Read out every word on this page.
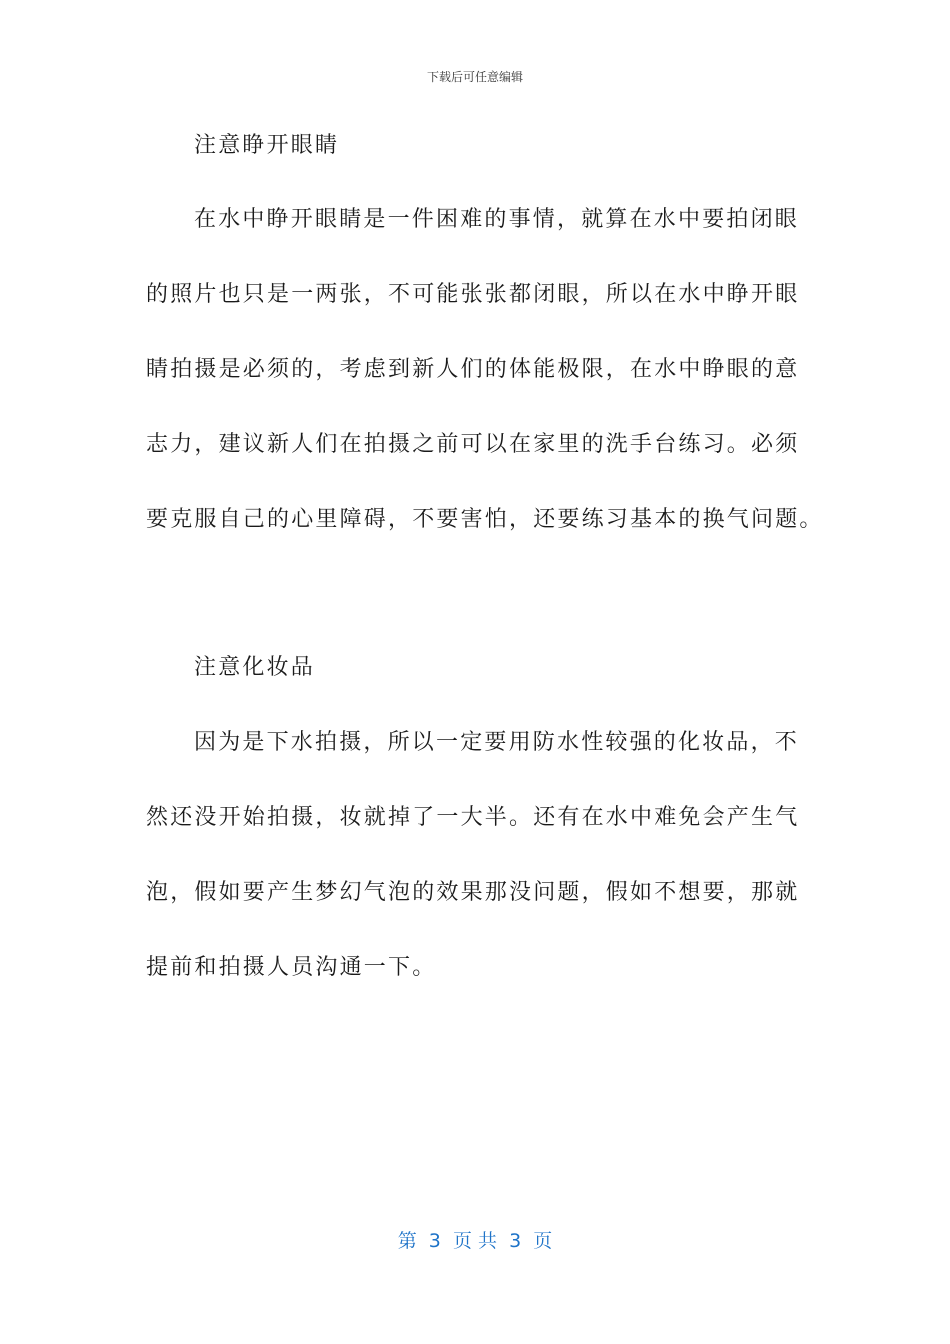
下载后可任意编辑
注意睁开眼睛
在水中睁开眼睛是一件困难的事情，就算在水中要拍闭眼
的照片也只是一两张，不可能张张都闭眼，所以在水中睁开眼
睛拍摄是必须的，考虑到新人们的体能极限，在水中睁眼的意
志力，建议新人们在拍摄之前可以在家里的洗手台练习。必须
要克服自己的心里障碍，不要害怕，还要练习基本的换气问题。
注意化妆品
因为是下水拍摄，所以一定要用防水性较强的化妆品，不
然还没开始拍摄，妆就掉了一大半。还有在水中难免会产生气
泡，假如要产生梦幻气泡的效果那没问题，假如不想要，那就
提前和拍摄人员沟通一下。
第  3  页 共  3  页
